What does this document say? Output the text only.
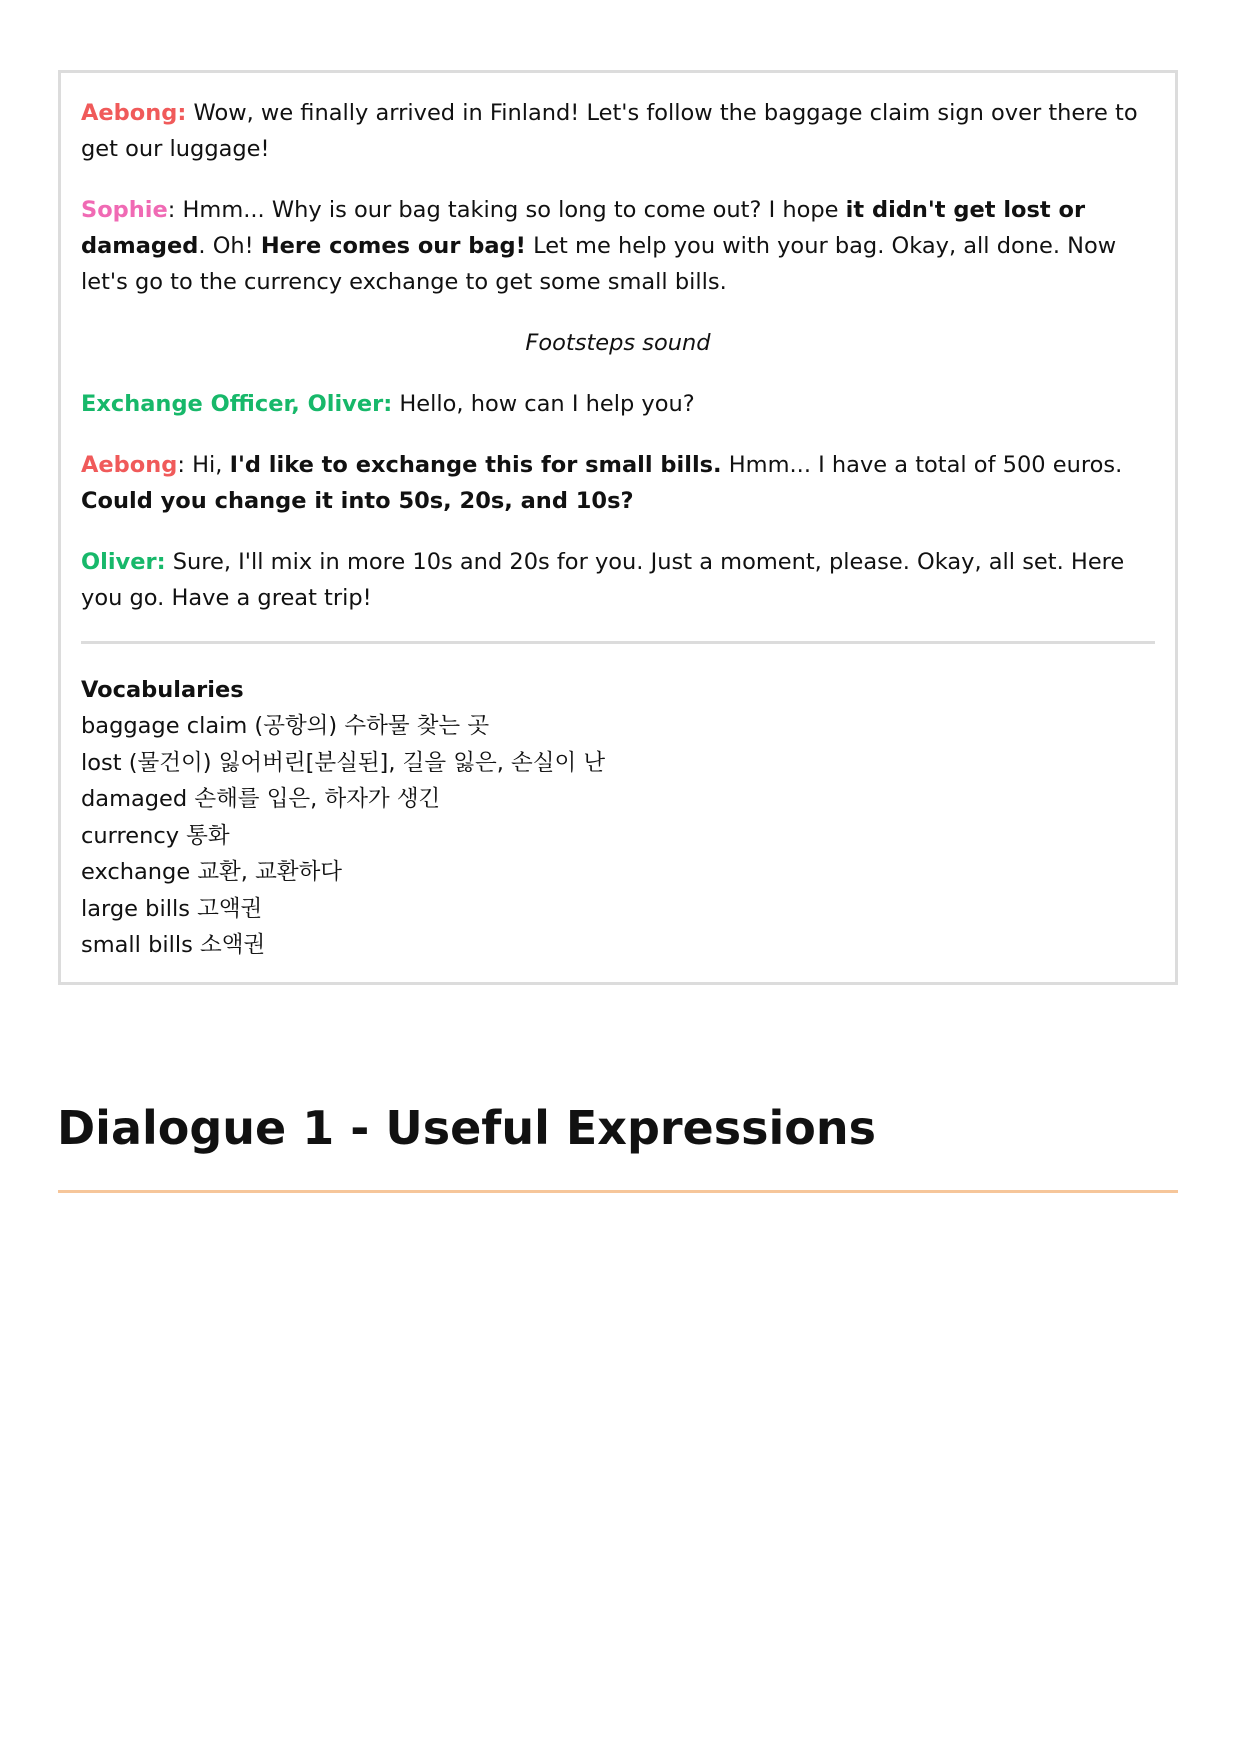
Aebong: Wow, we finally arrived in Finland! Let's follow the baggage claim sign over there to get our luggage!

Sophie: Hmm... Why is our bag taking so long to come out? I hope it didn't get lost or damaged. Oh! Here comes our bag! Let me help you with your bag. Okay, all done. Now let's go to the currency exchange to get some small bills.

Footsteps sound

Exchange Officer, Oliver: Hello, how can I help you?

Aebong: Hi, I'd like to exchange this for small bills. Hmm... I have a total of 500 euros. Could you change it into 50s, 20s, and 10s?

Oliver: Sure, I'll mix in more 10s and 20s for you. Just a moment, please. Okay, all set. Here you go. Have a great trip!

Vocabularies
baggage claim (공항의) 수하물 찾는 곳
lost (물건이) 잃어버린[분실된], 길을 잃은, 손실이 난
damaged 손해를 입은, 하자가 생긴
currency 통화
exchange 교환, 교환하다
large bills 고액권
small bills 소액권
Dialogue 1 - Useful Expressions
